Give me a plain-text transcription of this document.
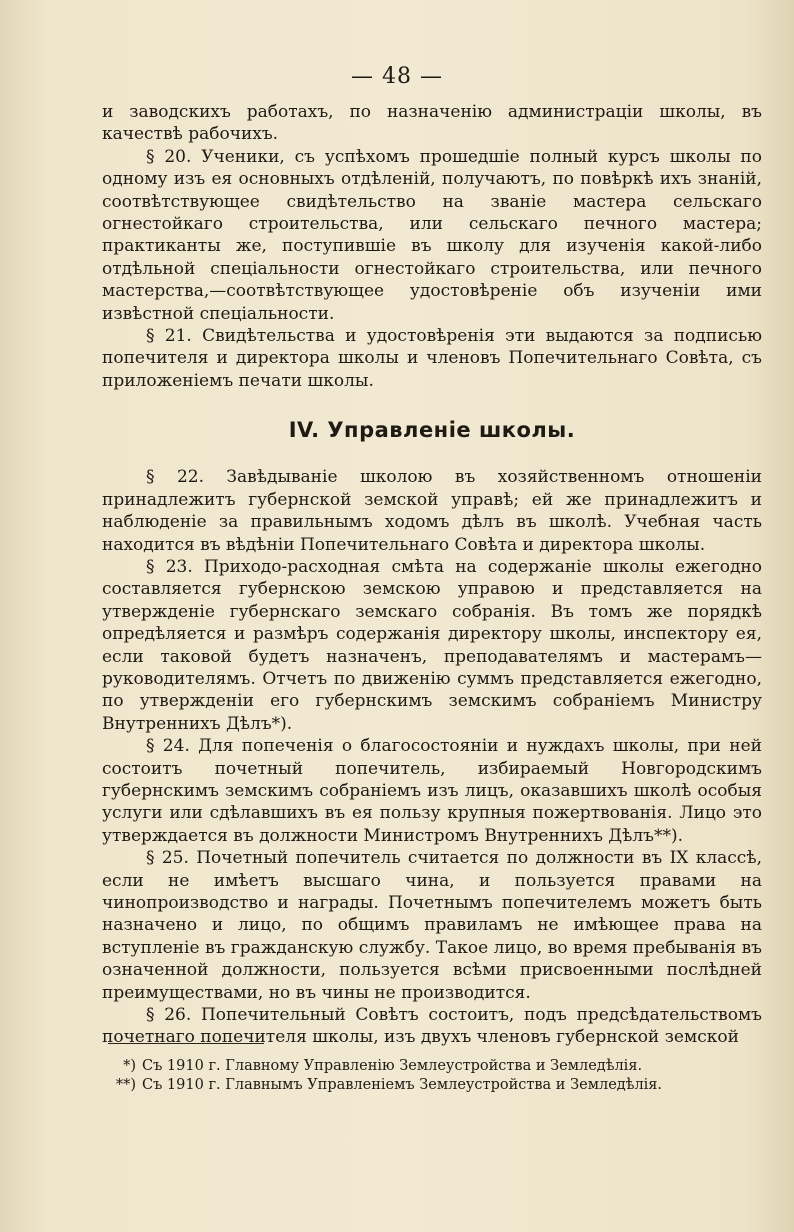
— 48 —

и заводскихъ работахъ, по назначенію администраціи школы, въ качествѣ рабочихъ.

§ 20. Ученики, съ успѣхомъ прошедшіе полный курсъ школы по одному изъ ея основныхъ отдѣленій, получаютъ, по повѣркѣ ихъ знаній, соотвѣтствующее свидѣтельство на званіе мастера сельскаго огнестойкаго строительства, или сельскаго печного мастера; практиканты же, поступившіе въ школу для изученія какой-либо отдѣльной спеціальности огнестойкаго строительства, или печного мастерства,—соотвѣтствующее удостовѣреніе объ изученіи ими извѣстной спеціальности.

§ 21. Свидѣтельства и удостовѣренія эти выдаются за подписью попечителя и директора школы и членовъ Попечительнаго Совѣта, съ приложеніемъ печати школы.

IV. Управленіе школы.

§ 22. Завѣдываніе школою въ хозяйственномъ отношеніи принадлежитъ губернской земской управѣ; ей же принадлежитъ и наблюденіе за правильнымъ ходомъ дѣлъ въ школѣ. Учебная часть находится въ вѣдѣніи Попечительнаго Совѣта и директора школы.

§ 23. Приходо-расходная смѣта на содержаніе школы ежегодно составляется губернскою земскою управою и представляется на утвержденіе губернскаго земскаго собранія. Въ томъ же порядкѣ опредѣляется и размѣръ содержанія директору школы, инспектору ея, если таковой будетъ назначенъ, преподавателямъ и мастерамъ—руководителямъ. Отчетъ по движенію суммъ представляется ежегодно, по утвержденіи его губернскимъ земскимъ собраніемъ Министру Внутреннихъ Дѣлъ*).

§ 24. Для попеченія о благосостояніи и нуждахъ школы, при ней состоитъ почетный попечитель, избираемый Новгородскимъ губернскимъ земскимъ собраніемъ изъ лицъ, оказавшихъ школѣ особыя услуги или сдѣлавшихъ въ ея пользу крупныя пожертвованія. Лицо это утверждается въ должности Министромъ Внутреннихъ Дѣлъ**).

§ 25. Почетный попечитель считается по должности въ IX классѣ, если не имѣетъ высшаго чина, и пользуется правами на чинопроизводство и награды. Почетнымъ попечителемъ можетъ быть назначено и лицо, по общимъ правиламъ не имѣющее права на вступленіе въ гражданскую службу. Такое лицо, во время пребыванія въ означенной должности, пользуется всѣми присвоенными послѣдней преимуществами, но въ чины не производится.

§ 26. Попечительный Совѣтъ состоитъ, подъ предсѣдательствомъ почетнаго попечителя школы, изъ двухъ членовъ губернской земской

*) Съ 1910 г. Главному Управленію Землеустройства и Земледѣлія.

**) Съ 1910 г. Главнымъ Управленіемъ Землеустройства и Земледѣлія.
